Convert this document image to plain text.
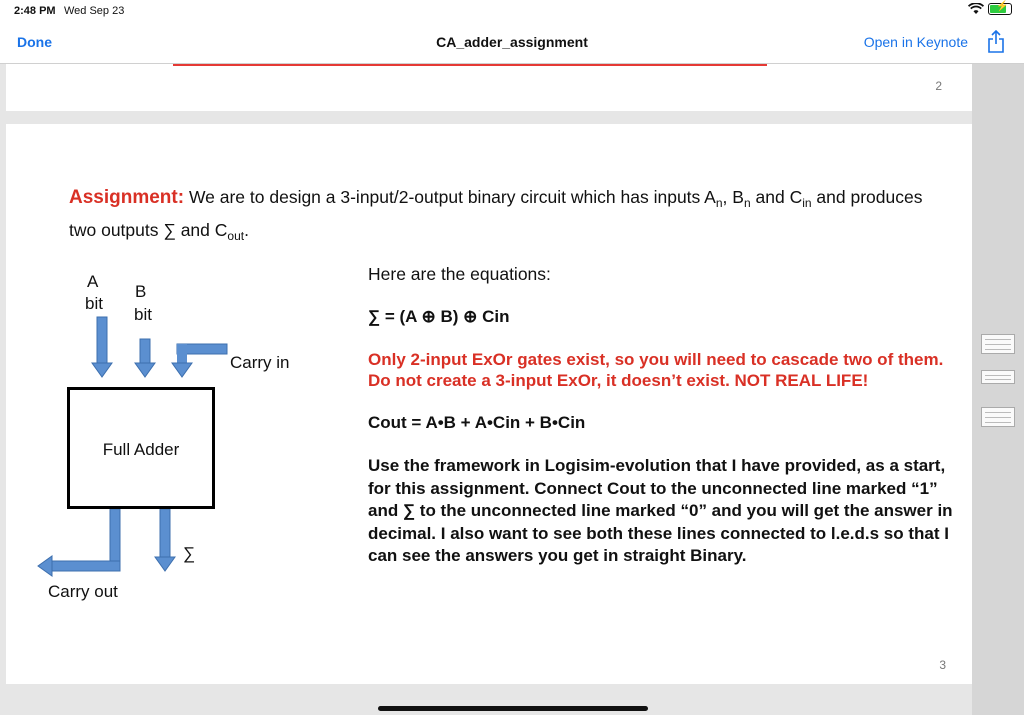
2:48 PM Wed Sep 23	⚡
Done	CA_adder_assignment	Open in Keynote
2
Assignment: We are to design a 3-input/2-output binary circuit which has inputs $A_n$, $B_n$ and $C_{in}$ and produces two outputs ∑ and $C_{out}$.
A
bit
B
bit
Carry in
Full Adder
∑
Carry out
Here are the equations:
∑ = (A ⊕ B) ⊕ Cin
Only 2-input ExOr gates exist, so you will need to cascade two of them. Do not create a 3-input ExOr, it doesn’t exist. NOT REAL LIFE!
Cout = A•B + A•Cin + B•Cin
Use the framework in Logisim-evolution that I have provided, as a start, for this assignment. Connect Cout to the unconnected line marked “1” and ∑ to the unconnected line marked “0” and you will get the answer in decimal. I also want to see both these lines connected to l.e.d.s so that I can see the answers you get in straight Binary.
3
